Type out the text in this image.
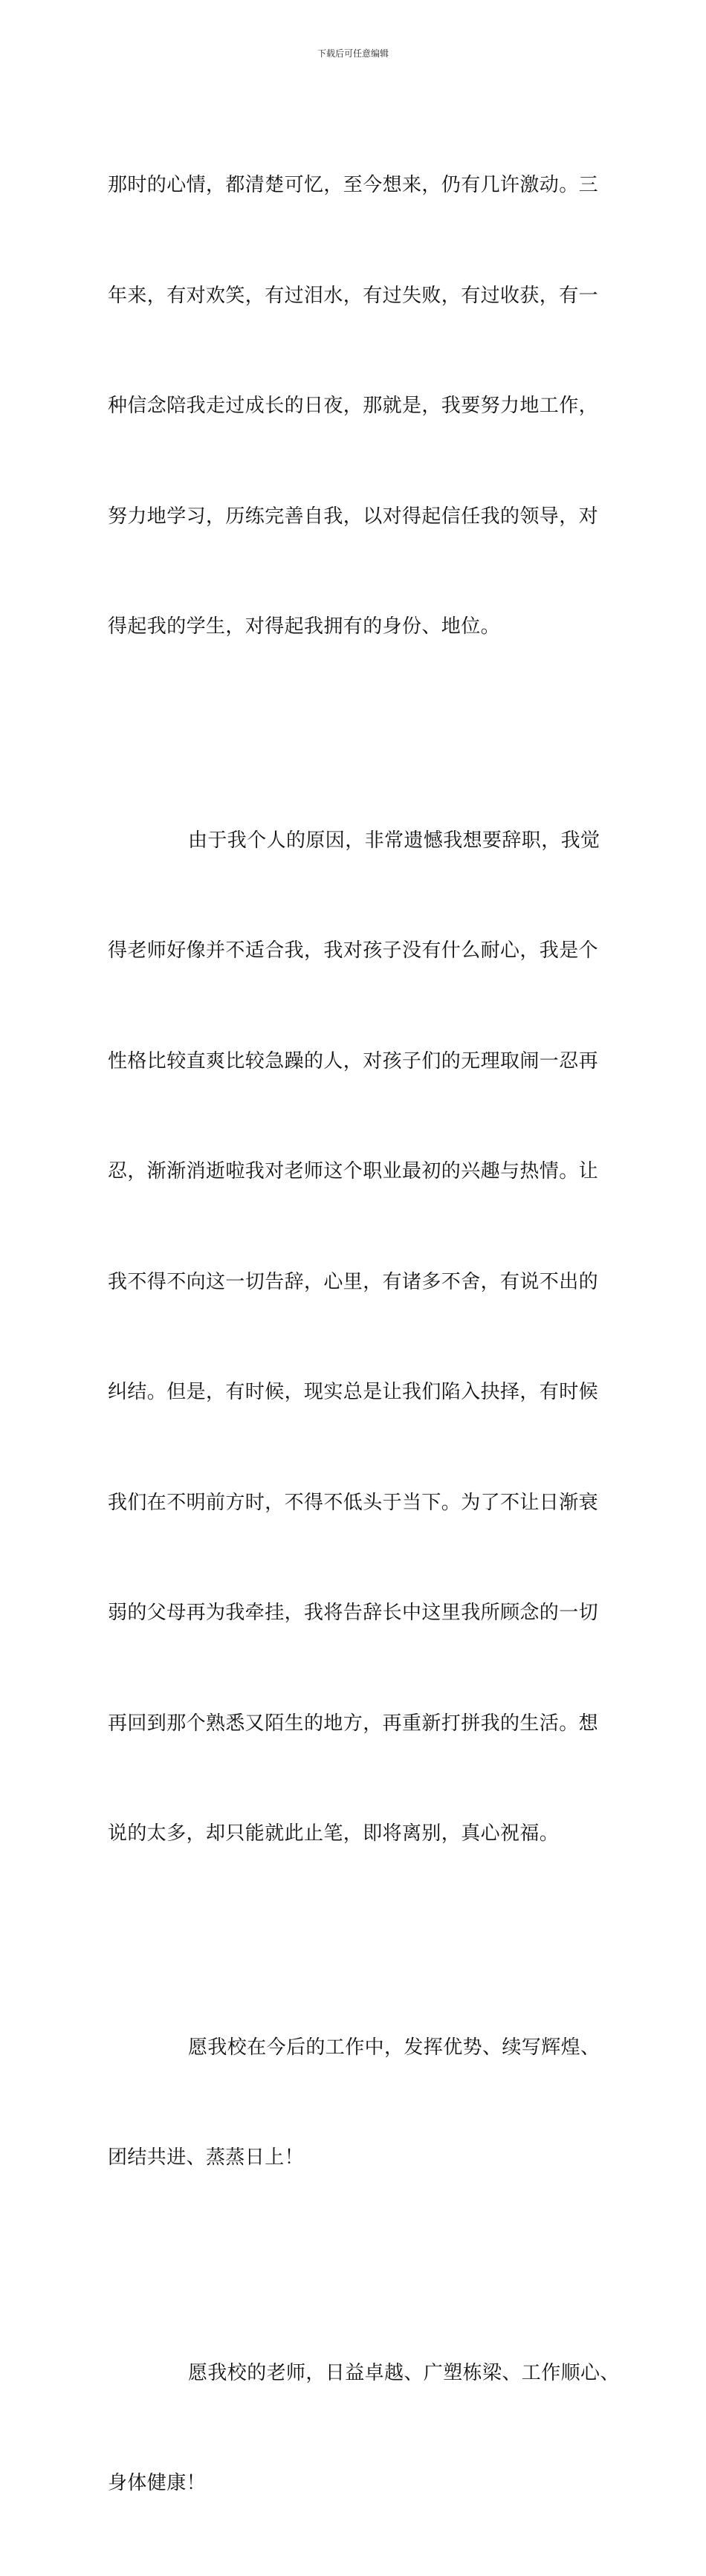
下载后可任意编辑

那时的心情，都清楚可忆，至今想来，仍有几许激动。三

年来，有对欢笑，有过泪水，有过失败，有过收获，有一

种信念陪我走过成长的日夜，那就是，我要努力地工作，

努力地学习，历练完善自我，以对得起信任我的领导，对

得起我的学生，对得起我拥有的身份、地位。

由于我个人的原因，非常遗憾我想要辞职，我觉

得老师好像并不适合我，我对孩子没有什么耐心，我是个

性格比较直爽比较急躁的人，对孩子们的无理取闹一忍再

忍，渐渐消逝啦我对老师这个职业最初的兴趣与热情。让

我不得不向这一切告辞，心里，有诸多不舍，有说不出的

纠结。但是，有时候，现实总是让我们陷入抉择，有时候

我们在不明前方时，不得不低头于当下。为了不让日渐衰

弱的父母再为我牵挂，我将告辞长中这里我所顾念的一切

再回到那个熟悉又陌生的地方，再重新打拼我的生活。想

说的太多，却只能就此止笔，即将离别，真心祝福。

愿我校在今后的工作中，发挥优势、续写辉煌、

团结共进、蒸蒸日上！

愿我校的老师，日益卓越、广塑栋梁、工作顺心、

身体健康！
